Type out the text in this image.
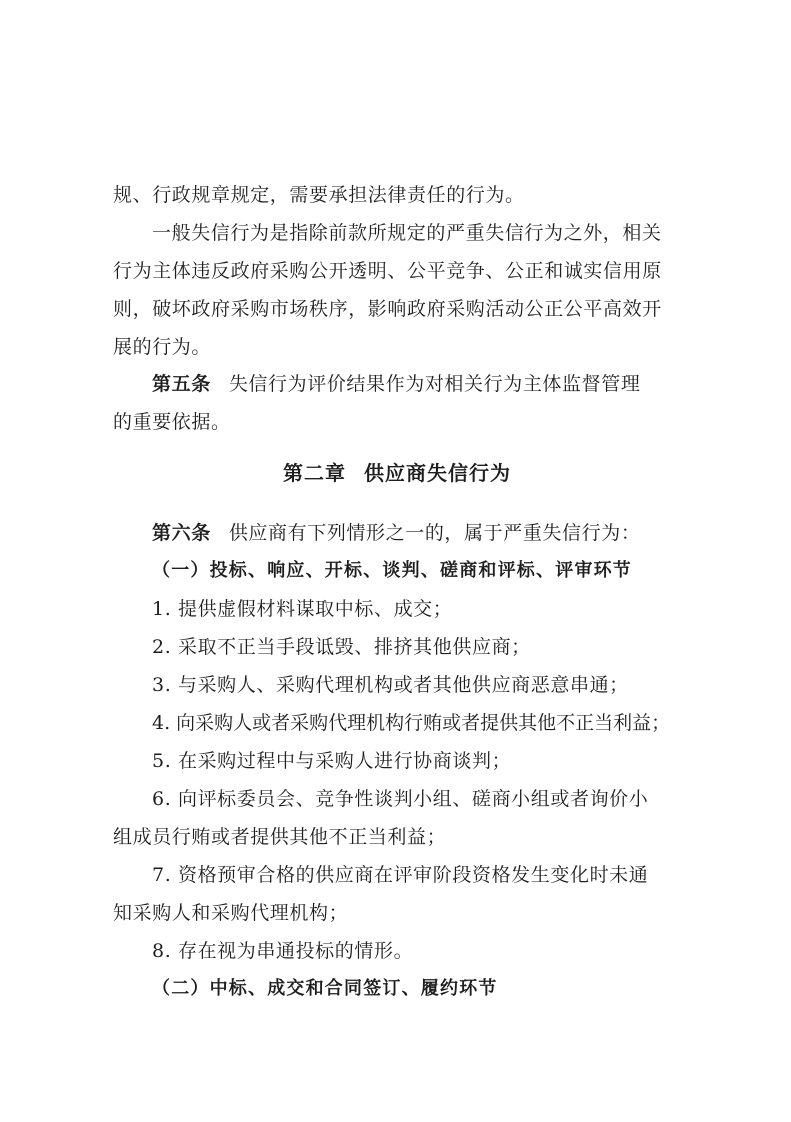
规、行政规章规定，需要承担法律责任的行为。
一般失信行为是指除前款所规定的严重失信行为之外，相关
行为主体违反政府采购公开透明、公平竞争、公正和诚实信用原
则，破坏政府采购市场秩序，影响政府采购活动公正公平高效开
展的行为。
第五条 失信行为评价结果作为对相关行为主体监督管理
的重要依据。
第二章 供应商失信行为
第六条 供应商有下列情形之一的，属于严重失信行为：
（一）投标、响应、开标、谈判、磋商和评标、评审环节
1. 提供虚假材料谋取中标、成交；
2. 采取不正当手段诋毁、排挤其他供应商；
3. 与采购人、采购代理机构或者其他供应商恶意串通；
4. 向采购人或者采购代理机构行贿或者提供其他不正当利益；
5. 在采购过程中与采购人进行协商谈判；
6. 向评标委员会、竞争性谈判小组、磋商小组或者询价小
组成员行贿或者提供其他不正当利益；
7. 资格预审合格的供应商在评审阶段资格发生变化时未通
知采购人和采购代理机构；
8. 存在视为串通投标的情形。
（二）中标、成交和合同签订、履约环节
